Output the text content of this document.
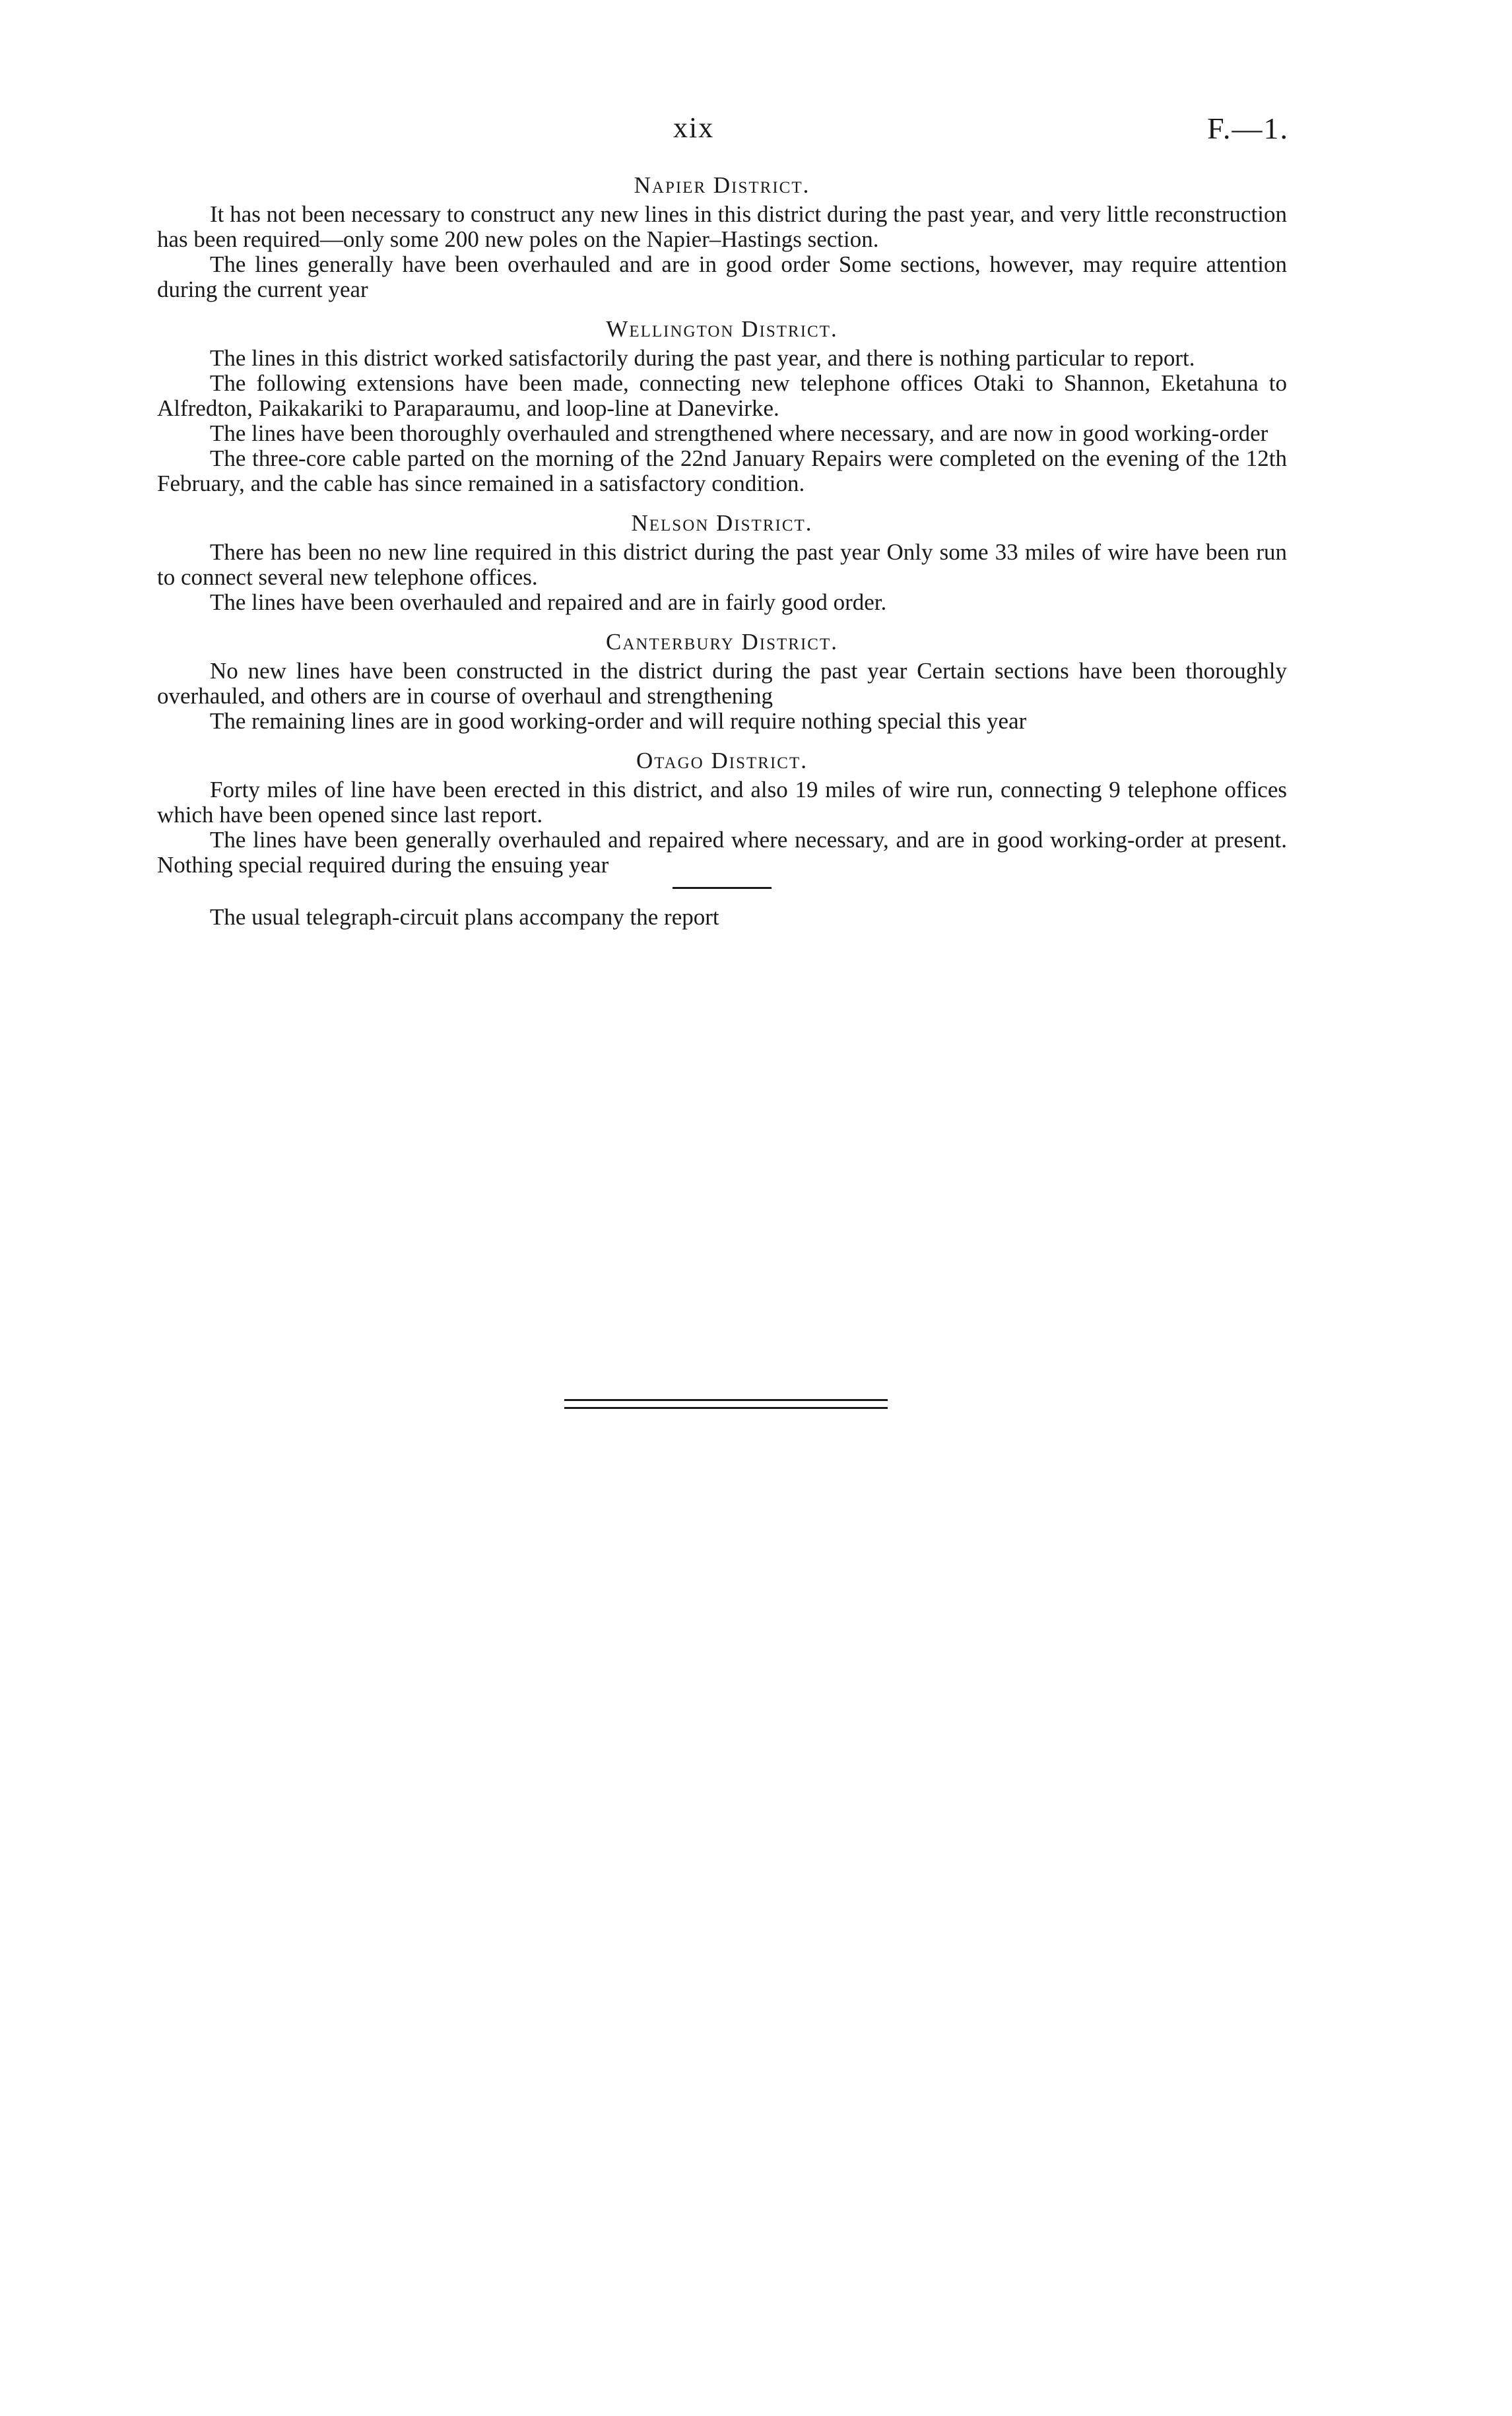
xix	F.—1.
Napier District.

It has not been necessary to construct any new lines in this district during the past year, and very little reconstruction has been required—only some 200 new poles on the Napier–Hastings section.

The lines generally have been overhauled and are in good order Some sections, however, may require attention during the current year

Wellington District.

The lines in this district worked satisfactorily during the past year, and there is nothing particular to report.

The following extensions have been made, connecting new telephone offices Otaki to Shannon, Eketahuna to Alfredton, Paikakariki to Paraparaumu, and loop-line at Danevirke.

The lines have been thoroughly overhauled and strengthened where necessary, and are now in good working-order

The three-core cable parted on the morning of the 22nd January Repairs were completed on the evening of the 12th February, and the cable has since remained in a satisfactory condition.

Nelson District.

There has been no new line required in this district during the past year Only some 33 miles of wire have been run to connect several new telephone offices.

The lines have been overhauled and repaired and are in fairly good order.

Canterbury District.

No new lines have been constructed in the district during the past year Certain sections have been thoroughly overhauled, and others are in course of overhaul and strengthening

The remaining lines are in good working-order and will require nothing special this year

Otago District.

Forty miles of line have been erected in this district, and also 19 miles of wire run, connecting 9 telephone offices which have been opened since last report.

The lines have been generally overhauled and repaired where necessary, and are in good working-order at present. Nothing special required during the ensuing year

The usual telegraph-circuit plans accompany the report
